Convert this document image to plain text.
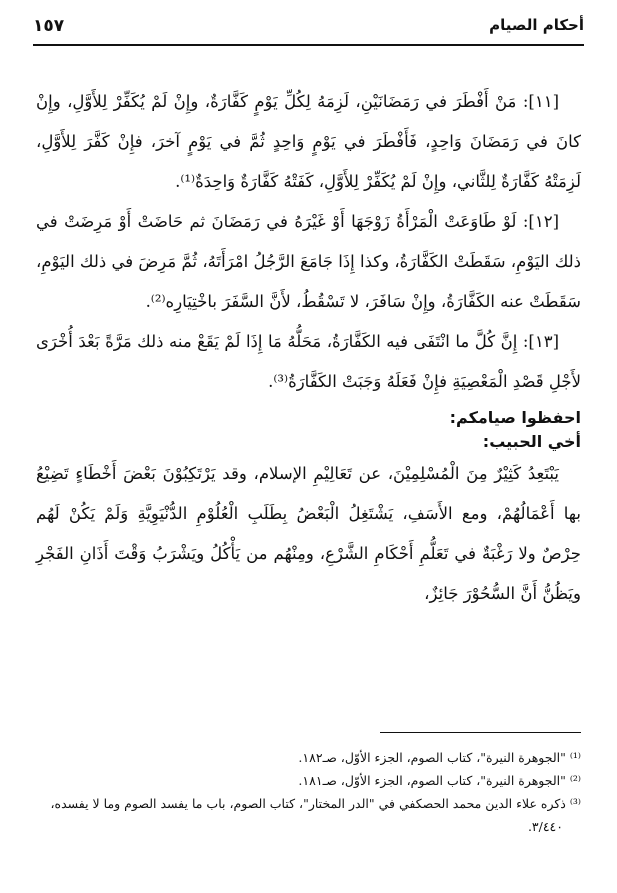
أحكام الصيام
١٥٧

[١١]: مَنْ أَفْطَرَ في رَمَضَانَيْنِ، لَزِمَهُ لِكُلِّ يَوْمٍ كَفَّارَةٌ، وإِنْ لَمْ يُكَفِّرْ لِلأَوَّلِ، وإِنْ كانَ في رَمَضَانَ وَاحِدٍ، فَأَفْطَرَ في يَوْمٍ وَاحِدٍ ثُمَّ في يَوْمٍ آخرَ، فإِنْ كَفَّرَ لِلأَوَّلِ، لَزِمَتْهُ كَفَّارَةٌ لِلثَّاني، وإِنْ لَمْ يُكَفِّرْ لِلأَوَّلِ، كَفَتْهُ كَفَّارَةٌ وَاحِدَةٌ⁽¹⁾.

[١٢]: لَوْ طَاوَعَتْ الْمَرْأَةُ زَوْجَهَا أَوْ غَيْرَهُ في رَمَضَانَ ثم حَاضَتْ أَوْ مَرِضَتْ في ذلك اليَوْمِ، سَقَطَتْ الكَفَّارَةُ، وكذا إِذَا جَامَعَ الرَّجُلُ امْرَأَتَهُ، ثُمَّ مَرِضَ في ذلك اليَوْمِ، سَقَطَتْ عنه الكَفَّارَةُ، وإِنْ سَافَرَ، لا تَسْقُطُ، لأَنَّ السَّفَرَ باخْتِيَارِه⁽²⁾.

[١٣]: إِنَّ كُلَّ ما انْتَفَى فيه الكَفَّارَةُ، مَحَلُّهُ مَا إِذَا لَمْ يَقَعْ منه ذلك مَرَّةً بَعْدَ أُخْرَى لأَجْلِ قَصْدِ الْمَعْصِيَةِ فإِنْ فَعَلَهُ وَجَبَتْ الكَفَّارَةُ⁽³⁾.

احفظوا صيامكم:

أخي الحبيب:

يَبْتَعِدُ كَثِيْرٌ مِنَ الْمُسْلِمِيْنَ، عن تَعَالِيْمِ الإسلام، وقد يَرْتَكِبُوْنَ بَعْضَ أَخْطَاءٍ تَضِيْعُ بها أَعْمَالُهُمْ، ومع الأَسَفِ، يَشْتَغِلُ الْبَعْضُ بِطَلَبِ الْعُلُوْمِ الدُّنْيَوِيَّةِ وَلَمْ يَكُنْ لَهُم حِرْصٌ ولا رَغْبَةٌ في تَعَلُّمِ أَحْكَامِ الشَّرْعِ، ومِنْهُم من يَأْكُلُ ويَشْرَبُ وَقْتَ أَذَانِ الفَجْرِ ويَظُنُّ أَنَّ السُّحُوْرَ جَائِزٌ،

⁽¹⁾ "الجوهرة النيرة"، كتاب الصوم، الجزء الأوّل، صـ١٨٢.

⁽²⁾ "الجوهرة النيرة"، كتاب الصوم، الجزء الأوّل، صـ١٨١.

⁽³⁾ ذكره علاء الدين محمد الحصكفي في "الدر المختار"، كتاب الصوم، باب ما يفسد الصوم وما لا يفسده، ٣/٤٤٠.
